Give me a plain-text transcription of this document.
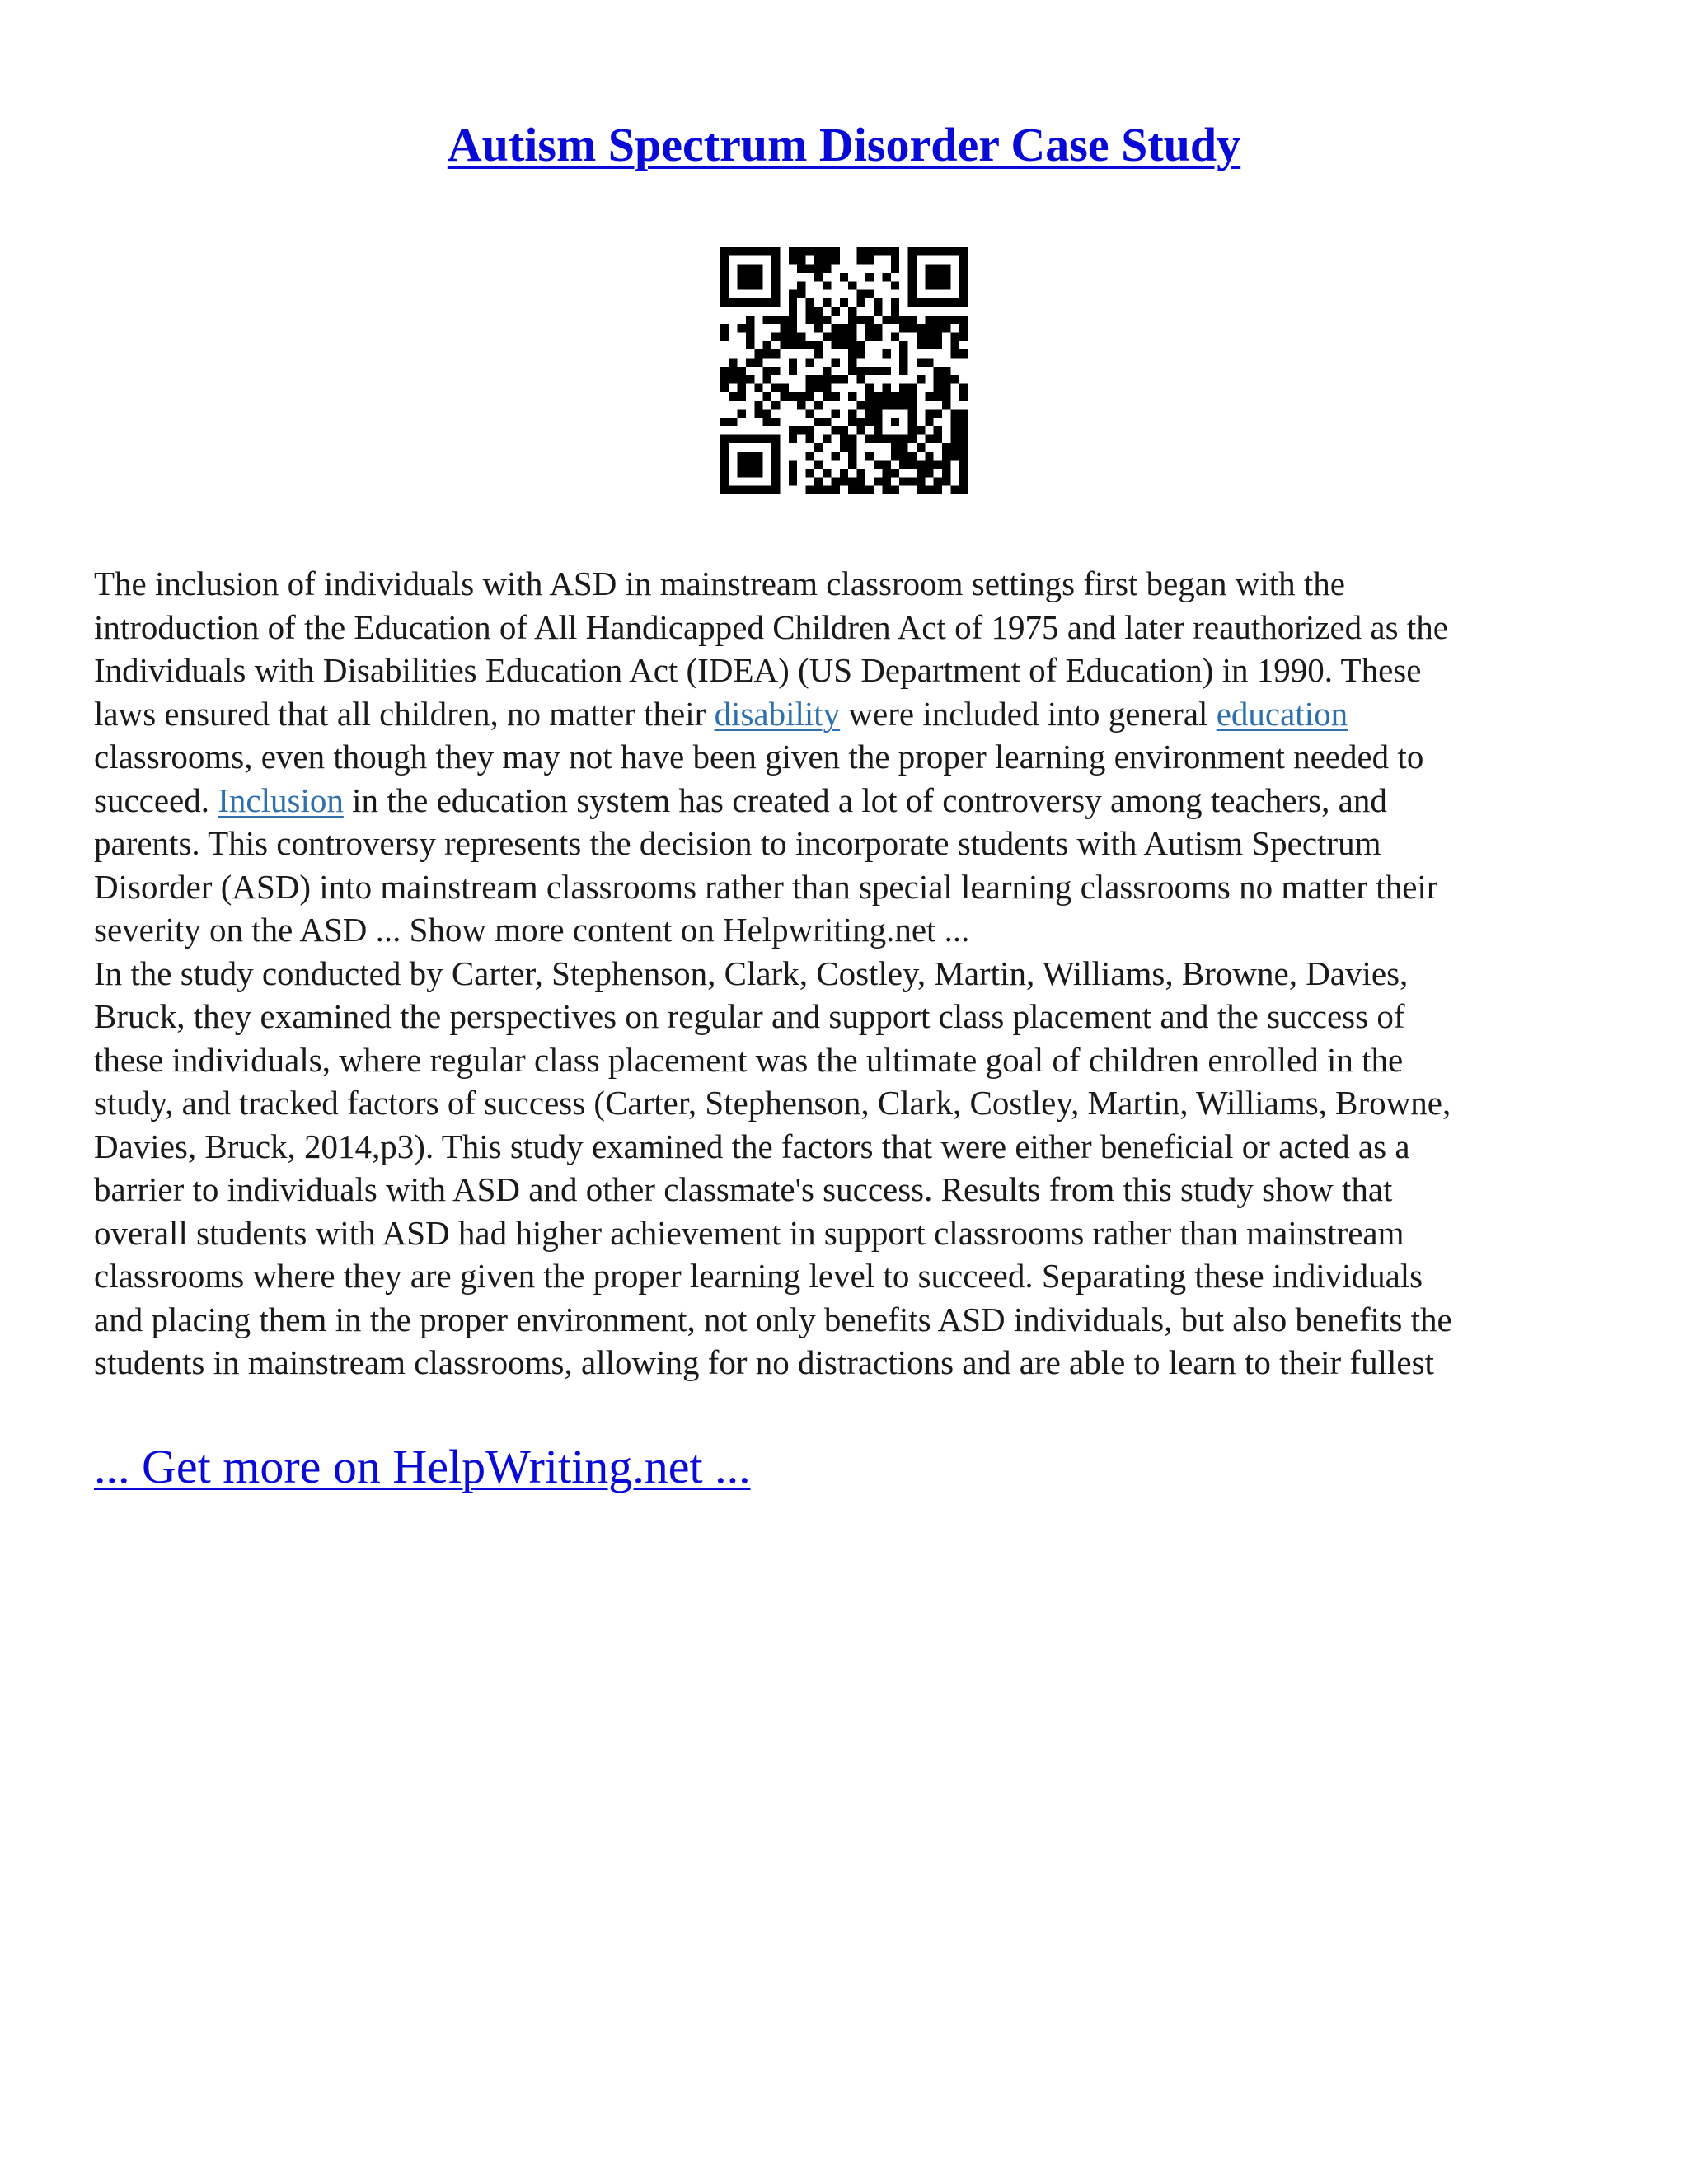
Autism Spectrum Disorder Case Study
The inclusion of individuals with ASD in mainstream classroom settings first began with the
introduction of the Education of All Handicapped Children Act of 1975 and later reauthorized as the
Individuals with Disabilities Education Act (IDEA) (US Department of Education) in 1990. These
laws ensured that all children, no matter their disability were included into general education
classrooms, even though they may not have been given the proper learning environment needed to
succeed. Inclusion in the education system has created a lot of controversy among teachers, and
parents. This controversy represents the decision to incorporate students with Autism Spectrum
Disorder (ASD) into mainstream classrooms rather than special learning classrooms no matter their
severity on the ASD ... Show more content on Helpwriting.net ...
In the study conducted by Carter, Stephenson, Clark, Costley, Martin, Williams, Browne, Davies,
Bruck, they examined the perspectives on regular and support class placement and the success of
these individuals, where regular class placement was the ultimate goal of children enrolled in the
study, and tracked factors of success (Carter, Stephenson, Clark, Costley, Martin, Williams, Browne,
Davies, Bruck, 2014,p3). This study examined the factors that were either beneficial or acted as a
barrier to individuals with ASD and other classmate's success. Results from this study show that
overall students with ASD had higher achievement in support classrooms rather than mainstream
classrooms where they are given the proper learning level to succeed. Separating these individuals
and placing them in the proper environment, not only benefits ASD individuals, but also benefits the
students in mainstream classrooms, allowing for no distractions and are able to learn to their fullest

... Get more on HelpWriting.net ...
